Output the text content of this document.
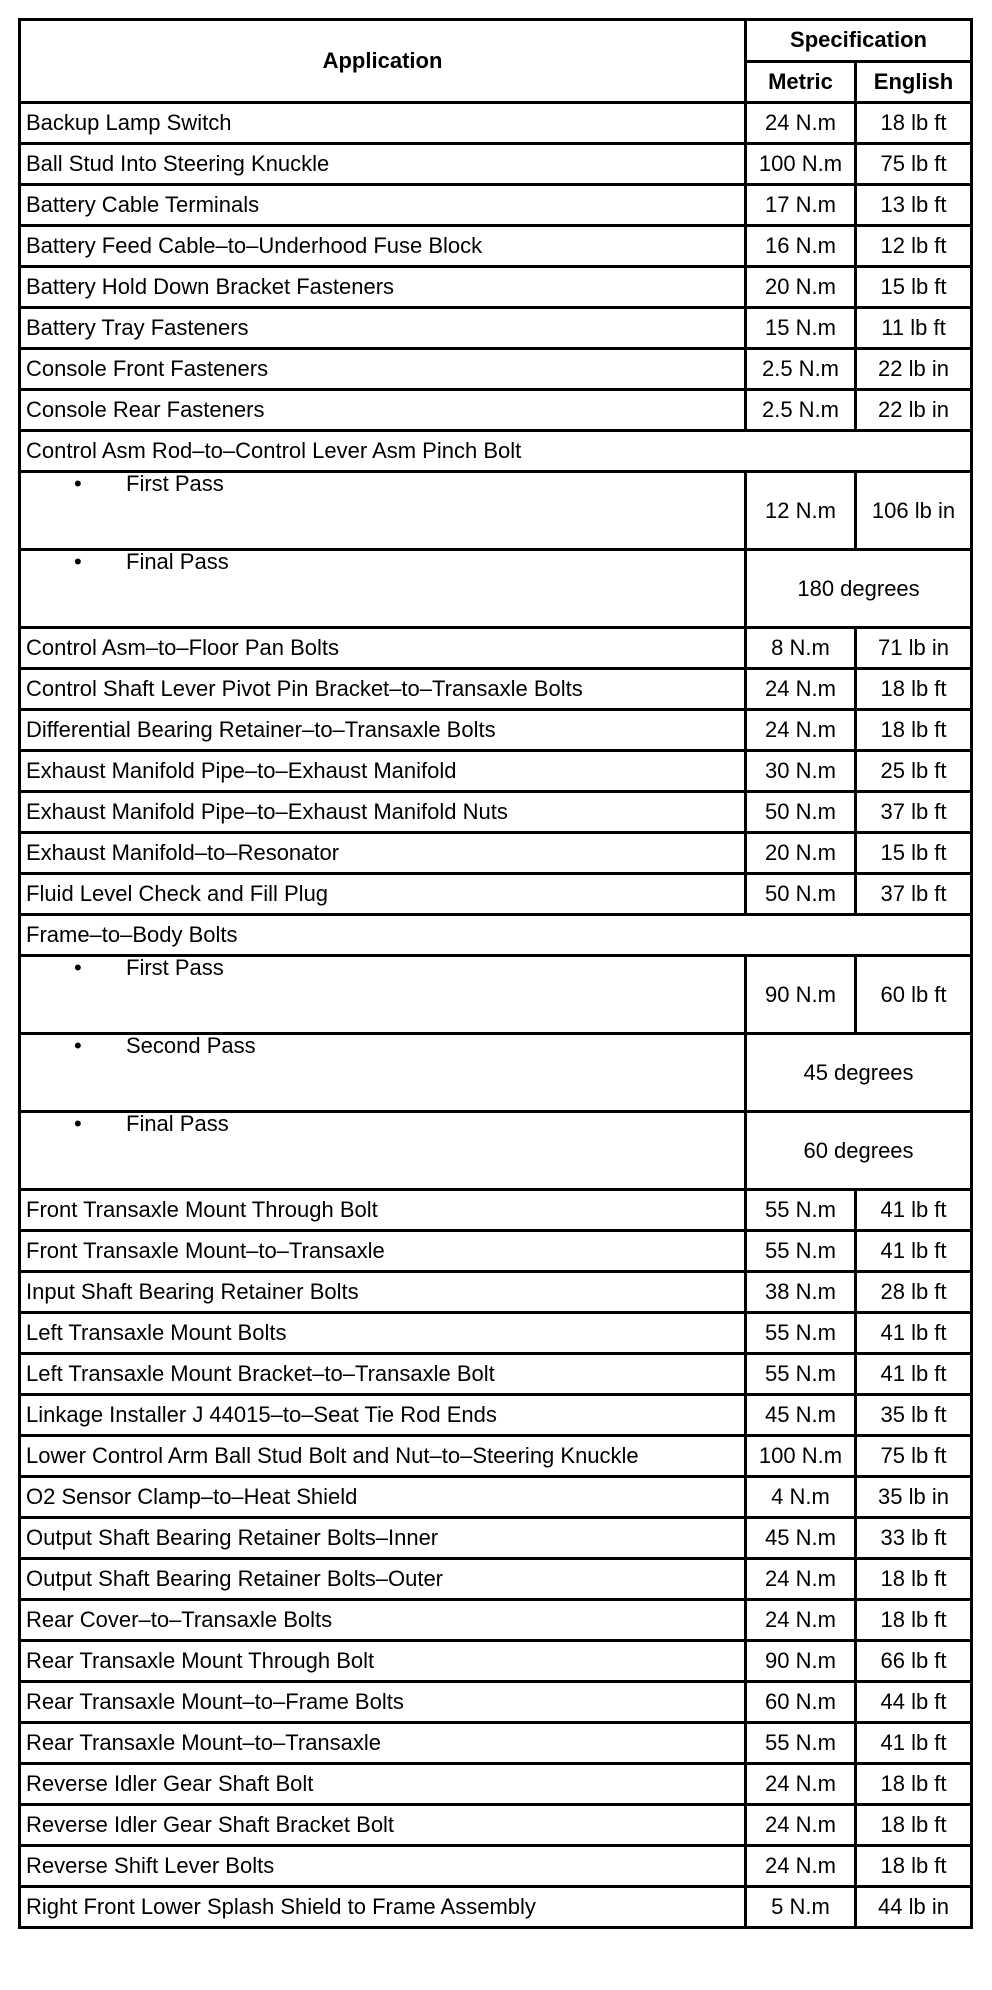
Application	Specification	
	Metric	English
Backup Lamp Switch	24 N.m	18 lb ft
Ball Stud Into Steering Knuckle	100 N.m	75 lb ft
Battery Cable Terminals	17 N.m	13 lb ft
Battery Feed Cable–to–Underhood Fuse Block	16 N.m	12 lb ft
Battery Hold Down Bracket Fasteners	20 N.m	15 lb ft
Battery Tray Fasteners	15 N.m	11 lb ft
Console Front Fasteners	2.5 N.m	22 lb in
Console Rear Fasteners	2.5 N.m	22 lb in
Control Asm Rod–to–Control Lever Asm Pinch Bolt		
• First Pass	12 N.m	106 lb in
• Final Pass	180 degrees	
Control Asm–to–Floor Pan Bolts	8 N.m	71 lb in
Control Shaft Lever Pivot Pin Bracket–to–Transaxle Bolts	24 N.m	18 lb ft
Differential Bearing Retainer–to–Transaxle Bolts	24 N.m	18 lb ft
Exhaust Manifold Pipe–to–Exhaust Manifold	30 N.m	25 lb ft
Exhaust Manifold Pipe–to–Exhaust Manifold Nuts	50 N.m	37 lb ft
Exhaust Manifold–to–Resonator	20 N.m	15 lb ft
Fluid Level Check and Fill Plug	50 N.m	37 lb ft
Frame–to–Body Bolts		
• First Pass	90 N.m	60 lb ft
• Second Pass	45 degrees	
• Final Pass	60 degrees	
Front Transaxle Mount Through Bolt	55 N.m	41 lb ft
Front Transaxle Mount–to–Transaxle	55 N.m	41 lb ft
Input Shaft Bearing Retainer Bolts	38 N.m	28 lb ft
Left Transaxle Mount Bolts	55 N.m	41 lb ft
Left Transaxle Mount Bracket–to–Transaxle Bolt	55 N.m	41 lb ft
Linkage Installer J 44015–to–Seat Tie Rod Ends	45 N.m	35 lb ft
Lower Control Arm Ball Stud Bolt and Nut–to–Steering Knuckle	100 N.m	75 lb ft
O2 Sensor Clamp–to–Heat Shield	4 N.m	35 lb in
Output Shaft Bearing Retainer Bolts–Inner	45 N.m	33 lb ft
Output Shaft Bearing Retainer Bolts–Outer	24 N.m	18 lb ft
Rear Cover–to–Transaxle Bolts	24 N.m	18 lb ft
Rear Transaxle Mount Through Bolt	90 N.m	66 lb ft
Rear Transaxle Mount–to–Frame Bolts	60 N.m	44 lb ft
Rear Transaxle Mount–to–Transaxle	55 N.m	41 lb ft
Reverse Idler Gear Shaft Bolt	24 N.m	18 lb ft
Reverse Idler Gear Shaft Bracket Bolt	24 N.m	18 lb ft
Reverse Shift Lever Bolts	24 N.m	18 lb ft
Right Front Lower Splash Shield to Frame Assembly	5 N.m	44 lb in
